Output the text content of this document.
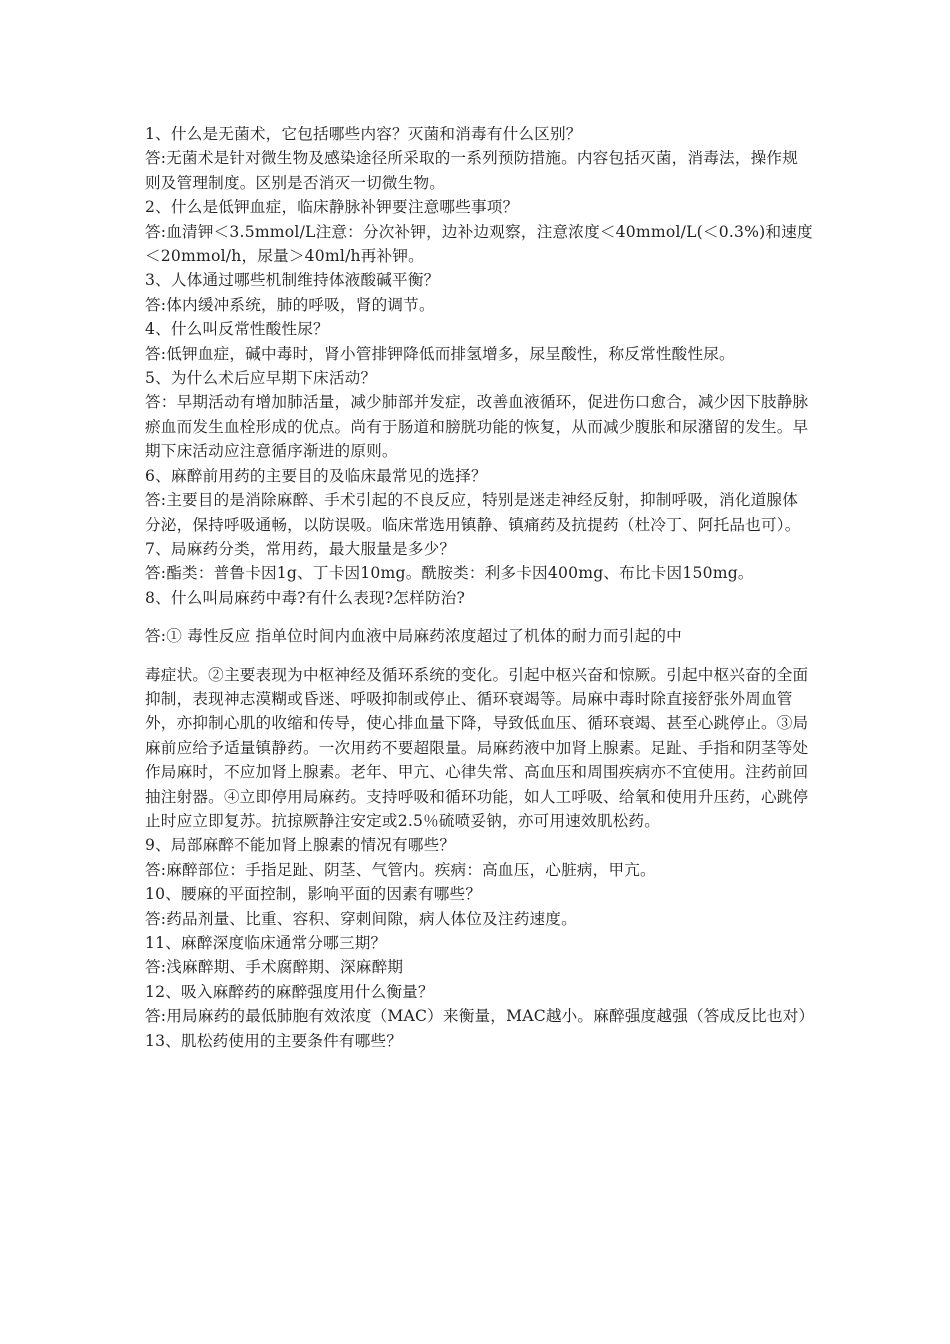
1、什么是无菌术，它包括哪些内容？灭菌和消毒有什么区别？

答:无菌术是针对微生物及感染途径所采取的一系列预防措施。内容包括灭菌，消毒法，操作规则及管理制度。区别是否消灭一切微生物。

2、什么是低钾血症，临床静脉补钾要注意哪些事项？

答:血清钾＜3.5mmol/L注意：分次补钾，边补边观察，注意浓度＜40mmol/L(＜0.3%)和速度＜20mmol/h，尿量＞40ml/h再补钾。

3、人体通过哪些机制维持体液酸碱平衡？

答:体内缓冲系统，肺的呼吸，肾的调节。

4、什么叫反常性酸性尿？

答:低钾血症，碱中毒时，肾小管排钾降低而排氢增多，尿呈酸性，称反常性酸性尿。

5、为什么术后应早期下床活动？

答：早期活动有增加肺活量，减少肺部并发症，改善血液循环，促进伤口愈合，减少因下肢静脉瘀血而发生血栓形成的优点。尚有于肠道和膀胱功能的恢复，从而减少腹胀和尿潴留的发生。早期下床活动应注意循序渐进的原则。

6、麻醉前用药的主要目的及临床最常见的选择？

答:主要目的是消除麻醉、手术引起的不良反应，特别是迷走神经反射，抑制呼吸，消化道腺体分泌，保持呼吸通畅，以防误吸。临床常选用镇静、镇痛药及抗提药（杜冷丁、阿托品也可）。

7、局麻药分类，常用药，最大服量是多少？

答:酯类：普鲁卡因1g、丁卡因10mg。酰胺类：利多卡因400mg、布比卡因150mg。

8、什么叫局麻药中毒?有什么表现?怎样防治?

答:① 毒性反应 指单位时间内血液中局麻药浓度超过了机体的耐力而引起的中

毒症状。②主要表现为中枢神经及循环系统的变化。引起中枢兴奋和惊厥。引起中枢兴奋的全面抑制，表现神志漠糊或昏迷、呼吸抑制或停止、循环衰竭等。局麻中毒时除直接舒张外周血管外，亦抑制心肌的收缩和传导，使心排血量下降，导致低血压、循环衰竭、甚至心跳停止。③局麻前应给予适量镇静药。一次用药不要超限量。局麻药液中加肾上腺素。足趾、手指和阴茎等处作局麻时，不应加肾上腺素。老年、甲亢、心律失常、高血压和周围疾病亦不宜使用。注药前回抽注射器。④立即停用局麻药。支持呼吸和循环功能，如人工呼吸、给氧和使用升压药，心跳停止时应立即复苏。抗掠厥静注安定或2.5％硫喷妥钠，亦可用速效肌松药。

9、局部麻醉不能加肾上腺素的情况有哪些？

答:麻醉部位：手指足趾、阴茎、气管内。疾病：高血压，心脏病，甲亢。

10、腰麻的平面控制，影响平面的因素有哪些？

答:药品剂量、比重、容积、穿刺间隙，病人体位及注药速度。

11、麻醉深度临床通常分哪三期？

答:浅麻醉期、手术腐醉期、深麻醉期

12、吸入麻醉药的麻醉强度用什么衡量？

答:用局麻药的最低肺胞有效浓度（MAC）来衡量，MAC越小。麻醉强度越强（答成反比也对）

13、肌松药使用的主要条件有哪些？
